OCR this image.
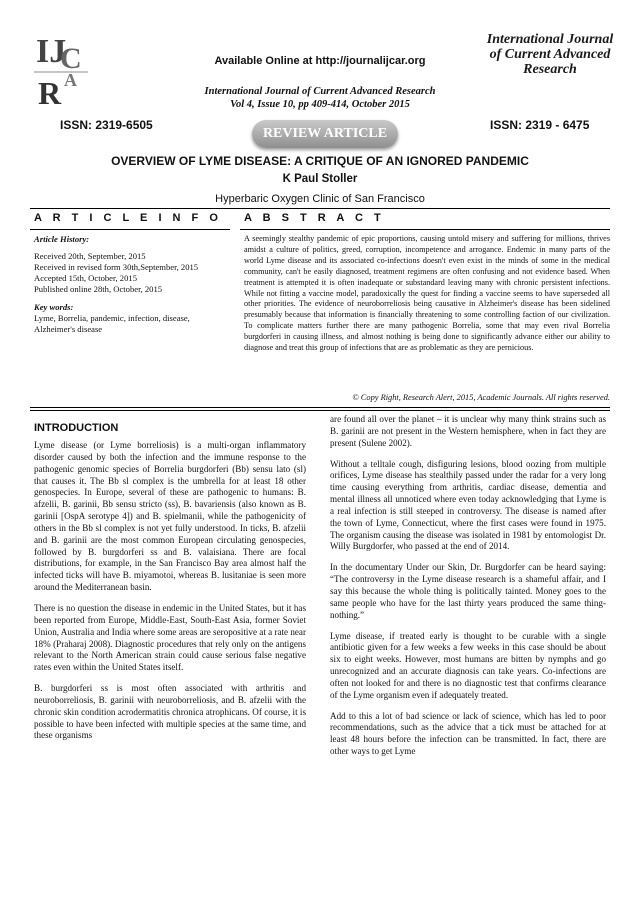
IJ
C
A
R
Available Online at http://journalijcar.org
International Journal of Current Advanced Research
Vol 4, Issue 10, pp 409-414, October 2015
International Journal of Current Advanced Research
ISSN: 2319-6505
REVIEW ARTICLE
ISSN: 2319 - 6475
OVERVIEW OF LYME DISEASE: A CRITIQUE OF AN IGNORED PANDEMIC
K Paul Stoller
Hyperbaric Oxygen Clinic of San Francisco
A R T I C L E I N F O A B S T R A C T
Article History:
Received 20th, September, 2015
Received in revised form 30th,September, 2015
Accepted 15th, October, 2015
Published online 28th, October, 2015
Key words:
Lyme, Borrelia, pandemic, infection, disease,
Alzheimer's disease
A seemingly stealthy pandemic of epic proportions, causing untold misery and suffering for millions, thrives amidst a culture of politics, greed, corruption, incompetence and arrogance. Endemic in many parts of the world Lyme disease and its associated co-infections doesn't even exist in the minds of some in the medical community, can't be easily diagnosed, treatment regimens are often confusing and not evidence based. When treatment is attempted it is often inadequate or substandard leaving many with chronic persistent infections. While not fitting a vaccine model, paradoxically the quest for finding a vaccine seems to have superseded all other priorities. The evidence of neuroborreliosis being causative in Alzheimer's disease has been sidelined presumably because that information is financially threatening to some controlling faction of our civilization. To complicate matters further there are many pathogenic Borrelia, some that may even rival Borrelia burgdorferi in causing illness, and almost nothing is being done to significantly advance either our ability to diagnose and treat this group of infections that are as problematic as they are pernicious.
© Copy Right, Research Alert, 2015, Academic Journals. All rights reserved.
INTRODUCTION

Lyme disease (or Lyme borreliosis) is a multi-organ inflammatory disorder caused by both the infection and the immune response to the pathogenic genomic species of Borrelia burgdorferi (Bb) sensu lato (sl) that causes it. The Bb sl complex is the umbrella for at least 18 other genospecies. In Europe, several of these are pathogenic to humans: B. afzelii, B. garinii, Bb sensu stricto (ss), B. bavariensis (also known as B. garinii [OspA serotype 4]) and B. spielmanii, while the pathogenicity of others in the Bb sl complex is not yet fully understood. In ticks, B. afzelii and B. garinii are the most common European circulating genospecies, followed by B. burgdorferi ss and B. valaisiana. There are focal distributions, for example, in the San Francisco Bay area almost half the infected ticks will have B. miyamotoi, whereas B. lusitaniae is seen more around the Mediterranean basin.

There is no question the disease in endemic in the United States, but it has been reported from Europe, Middle-East, South-East Asia, former Soviet Union, Australia and India where some areas are seropositive at a rate near 18% (Praharaj 2008). Diagnostic procedures that rely only on the antigens relevant to the North American strain could cause serious false negative rates even within the United States itself.

B. burgdorferi ss is most often associated with arthritis and neuroborreliosis, B. garinii with neuroborreliosis, and B. afzelii with the chronic skin condition acrodermatitis chronica atrophicans. Of course, it is possible to have been infected with multiple species at the same time, and these organisms

are found all over the planet – it is unclear why many think strains such as B. garinii are not present in the Western hemisphere, when in fact they are present (Sulene 2002).

Without a telltale cough, disfiguring lesions, blood oozing from multiple orifices, Lyme disease has stealthily passed under the radar for a very long time causing everything from arthritis, cardiac disease, dementia and mental illness all unnoticed where even today acknowledging that Lyme is a real infection is still steeped in controversy. The disease is named after the town of Lyme, Connecticut, where the first cases were found in 1975. The organism causing the disease was isolated in 1981 by entomologist Dr. Willy Burgdorfer, who passed at the end of 2014.

In the documentary Under our Skin, Dr. Burgdorfer can be heard saying: “The controversy in the Lyme disease research is a shameful affair, and I say this because the whole thing is politically tainted. Money goes to the same people who have for the last thirty years produced the same thing-nothing.”

Lyme disease, if treated early is thought to be curable with a single antibiotic given for a few weeks a few weeks in this case should be about six to eight weeks. However, most humans are bitten by nymphs and go unrecognized and an accurate diagnosis can take years. Co-infections are often not looked for and there is no diagnostic test that confirms clearance of the Lyme organism even if adequately treated.

Add to this a lot of bad science or lack of science, which has led to poor recommendations, such as the advice that a tick must be attached for at least 48 hours before the infection can be transmitted. In fact, there are other ways to get Lyme
